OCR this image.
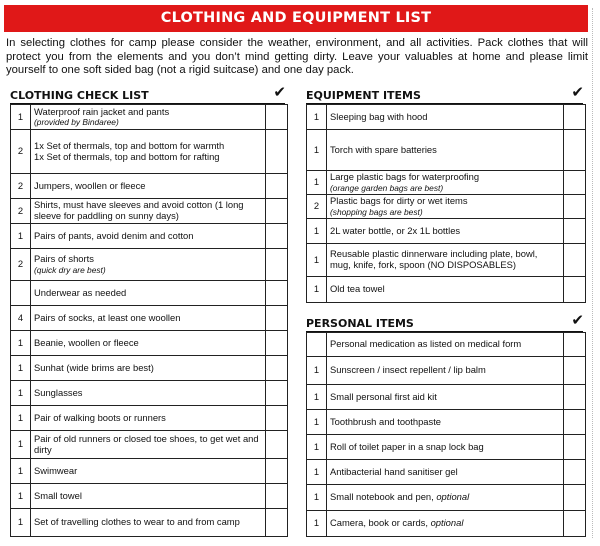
CLOTHING AND EQUIPMENT LIST
In selecting clothes for camp please consider the weather, environment, and all activities. Pack clothes that will protect you from the elements and you don’t mind getting dirty. Leave your valuables at home and please limit yourself to one soft sided bag (not a rigid suitcase) and one day pack.
CLOTHING CHECK LIST	✔
1	Waterproof rain jacket and pants
(provided by Bindaree)	

2	1x Set of thermals, top and bottom for warmth
1x Set of thermals, top and bottom for rafting	

2	Jumpers, woollen or fleece	
2	Shirts, must have sleeves and avoid cotton (1 long sleeve for paddling on sunny days)	
1	Pairs of pants, avoid denim and cotton	
2	Pairs of shorts
(quick dry are best)	

	Underwear as needed	
4	Pairs of socks, at least one woollen	
1	Beanie, woollen or fleece	
1	Sunhat (wide brims are best)	
1	Sunglasses	
1	Pair of walking boots or runners	
1	Pair of old runners or closed toe shoes, to get wet and dirty	
1	Swimwear	
1	Small towel	
1	Set of travelling clothes to wear to and from camp	
EQUIPMENT ITEMS	✔
1	Sleeping bag with hood	
1	Torch with spare batteries	
1	Large plastic bags for waterproofing
(orange garden bags are best)	

2	Plastic bags for dirty or wet items
(shopping bags are best)	

1	2L water bottle, or 2x 1L bottles	
1	Reusable plastic dinnerware including plate, bowl, mug, knife, fork, spoon (NO DISPOSABLES)	
1	Old tea towel	
PERSONAL ITEMS	✔
	Personal medication as listed on medical form	
1	Sunscreen / insect repellent / lip balm	
1	Small personal first aid kit	
1	Toothbrush and toothpaste	
1	Roll of toilet paper in a snap lock bag	
1	Antibacterial hand sanitiser gel	
1	Small notebook and pen, optional	
1	Camera, book or cards, optional	
